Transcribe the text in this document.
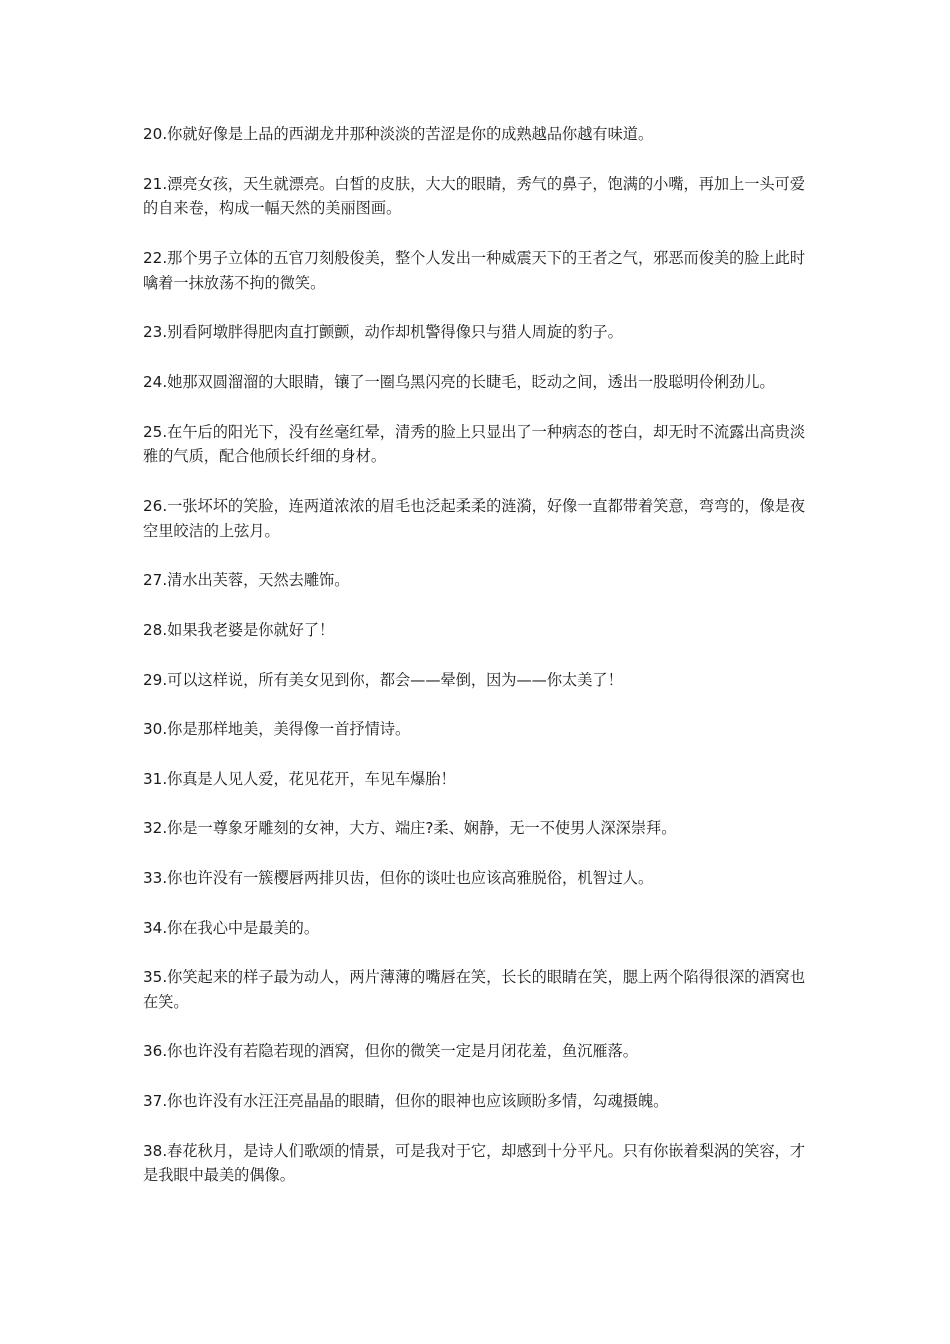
20.你就好像是上品的西湖龙井那种淡淡的苦涩是你的成熟越品你越有味道。

21.漂亮女孩，天生就漂亮。白皙的皮肤，大大的眼睛，秀气的鼻子，饱满的小嘴，再加上一头可爱的自来卷，构成一幅天然的美丽图画。

22.那个男子立体的五官刀刻般俊美，整个人发出一种威震天下的王者之气，邪恶而俊美的脸上此时噙着一抹放荡不拘的微笑。

23.别看阿墩胖得肥肉直打颤颤，动作却机警得像只与猎人周旋的豹子。

24.她那双圆溜溜的大眼睛，镶了一圈乌黑闪亮的长睫毛，眨动之间，透出一股聪明伶俐劲儿。

25.在午后的阳光下，没有丝毫红晕，清秀的脸上只显出了一种病态的苍白，却无时不流露出高贵淡雅的气质，配合他颀长纤细的身材。

26.一张坏坏的笑脸，连两道浓浓的眉毛也泛起柔柔的涟漪，好像一直都带着笑意，弯弯的，像是夜空里皎洁的上弦月。

27.清水出芙蓉，天然去雕饰。

28.如果我老婆是你就好了！

29.可以这样说，所有美女见到你，都会——晕倒，因为——你太美了！

30.你是那样地美，美得像一首抒情诗。

31.你真是人见人爱，花见花开，车见车爆胎！

32.你是一尊象牙雕刻的女神，大方、端庄?柔、娴静，无一不使男人深深崇拜。

33.你也许没有一簇樱唇两排贝齿，但你的谈吐也应该高雅脱俗，机智过人。

34.你在我心中是最美的。

35.你笑起来的样子最为动人，两片薄薄的嘴唇在笑，长长的眼睛在笑，腮上两个陷得很深的酒窝也在笑。

36.你也许没有若隐若现的酒窝，但你的微笑一定是月闭花羞，鱼沉雁落。

37.你也许没有水汪汪亮晶晶的眼睛，但你的眼神也应该顾盼多情，勾魂摄魄。

38.春花秋月，是诗人们歌颂的情景，可是我对于它，却感到十分平凡。只有你嵌着梨涡的笑容，才是我眼中最美的偶像。
